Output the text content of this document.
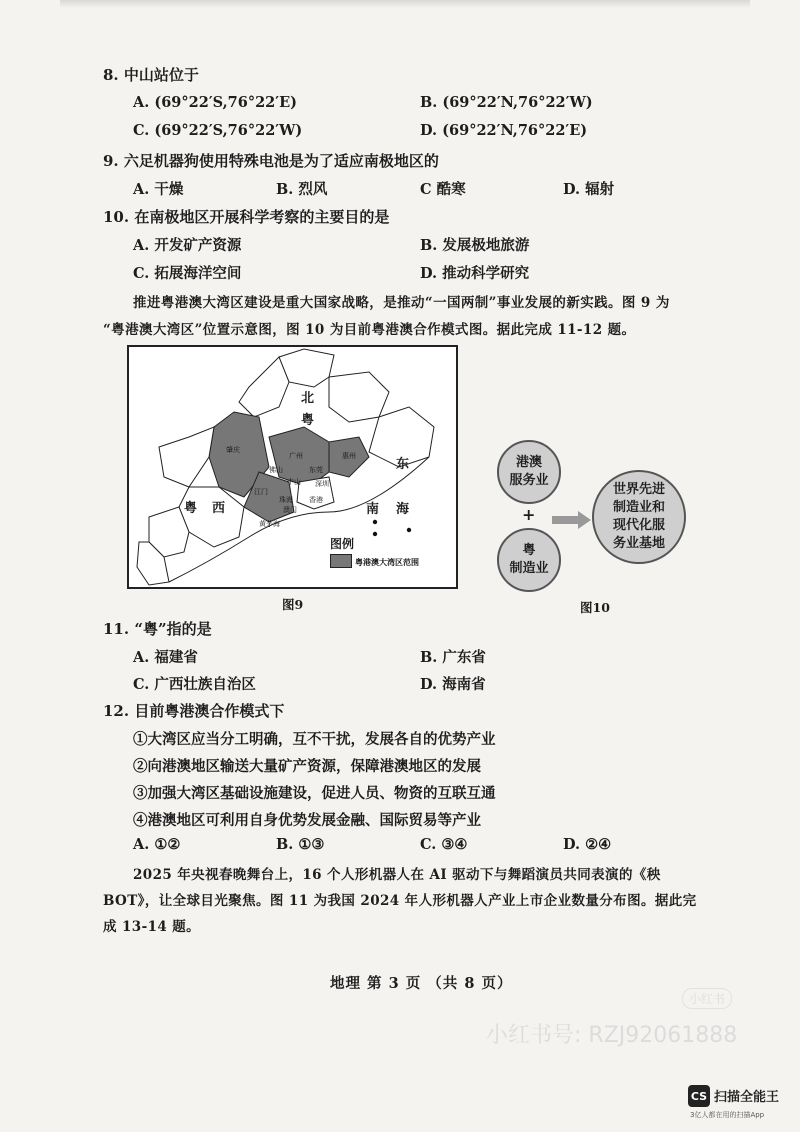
8. 中山站位于
A. (69°22′S,76°22′E)	B. (69°22′N,76°22′W)
C. (69°22′S,76°22′W)	D. (69°22′N,76°22′E)
9. 六足机器狗使用特殊电池是为了适应南极地区的
A. 干燥	B. 烈风	C 酷寒	D. 辐射
10. 在南极地区开展科学考察的主要目的是
A. 开发矿产资源	B. 发展极地旅游
C. 拓展海洋空间	D. 推动科学研究
推进粤港澳大湾区建设是重大国家战略，是推动“一国两制”事业发展的新实践。图 9 为
“粤港澳大湾区”位置示意图，图 10 为目前粤港澳合作模式图。据此完成 11-12 题。
北
粤
东
粤 西	南 海
肇庆
广州	惠州
佛山	东莞
江门
中山 深圳
珠海 香港
澳门
黄茅海
图例
粤港澳大湾区范围
图9
港澳
服务业
+
粤
制造业
世界先进
制造业和
现代化服
务业基地
图10
11. “粤”指的是
A. 福建省	B. 广东省
C. 广西壮族自治区	D. 海南省
12. 目前粤港澳合作模式下
①大湾区应当分工明确，互不干扰，发展各自的优势产业
②向港澳地区输送大量矿产资源，保障港澳地区的发展
③加强大湾区基础设施建设，促进人员、物资的互联互通
④港澳地区可利用自身优势发展金融、国际贸易等产业
A. ①②	B. ①③	C. ③④	D. ②④
2025 年央视春晚舞台上，16 个人形机器人在 AI 驱动下与舞蹈演员共同表演的《秧
BOT》，让全球目光聚焦。图 11 为我国 2024 年人形机器人产业上市企业数量分布图。据此完
成 13-14 题。
地理 第 3 页 （共 8 页）
小红书
小红书号: RZJ92061888
CS 扫描全能王
3亿人都在用的扫描App
